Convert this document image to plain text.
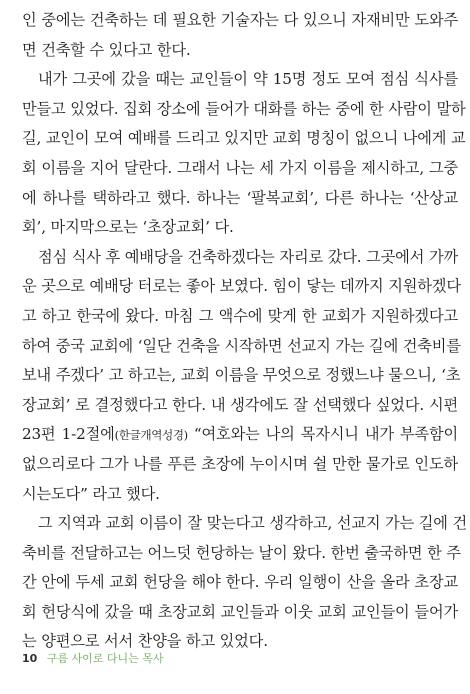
인 중에는 건축하는 데 필요한 기술자는 다 있으니 자재비만 도와주
면 건축할 수 있다고 한다.
내가 그곳에 갔을 때는 교인들이 약 15명 정도 모여 점심 식사를
만들고 있었다. 집회 장소에 들어가 대화를 하는 중에 한 사람이 말하
길, 교인이 모여 예배를 드리고 있지만 교회 명칭이 없으니 나에게 교
회 이름을 지어 달란다. 그래서 나는 세 가지 이름을 제시하고, 그중
에 하나를 택하라고 했다. 하나는 ‘팔복교회’, 다른 하나는 ‘산상교
회’, 마지막으로는 ‘초장교회’ 다.
점심 식사 후 예배당을 건축하겠다는 자리로 갔다. 그곳에서 가까
운 곳으로 예배당 터로는 좋아 보였다. 힘이 닿는 데까지 지원하겠다
고 하고 한국에 왔다. 마침 그 액수에 맞게 한 교회가 지원하겠다고
하여 중국 교회에 ‘일단 건축을 시작하면 선교지 가는 길에 건축비를
보내 주겠다’ 고 하고는, 교회 이름을 무엇으로 정했느냐 물으니, ‘초
장교회’ 로 결정했다고 한다. 내 생각에도 잘 선택했다 싶었다. 시편
23편 1-2절에(한글개역성경) “여호와는 나의 목자시니 내가 부족함이
없으리로다 그가 나를 푸른 초장에 누이시며 쉴 만한 물가로 인도하
시는도다” 라고 했다.
그 지역과 교회 이름이 잘 맞는다고 생각하고, 선교지 가는 길에 건
축비를 전달하고는 어느덧 헌당하는 날이 왔다. 한번 출국하면 한 주
간 안에 두세 교회 헌당을 해야 한다. 우리 일행이 산을 올라 초장교
회 헌당식에 갔을 때 초장교회 교인들과 이웃 교회 교인들이 들어가
는 양편으로 서서 찬양을 하고 있었다.
10 구름 사이로 다니는 목사
